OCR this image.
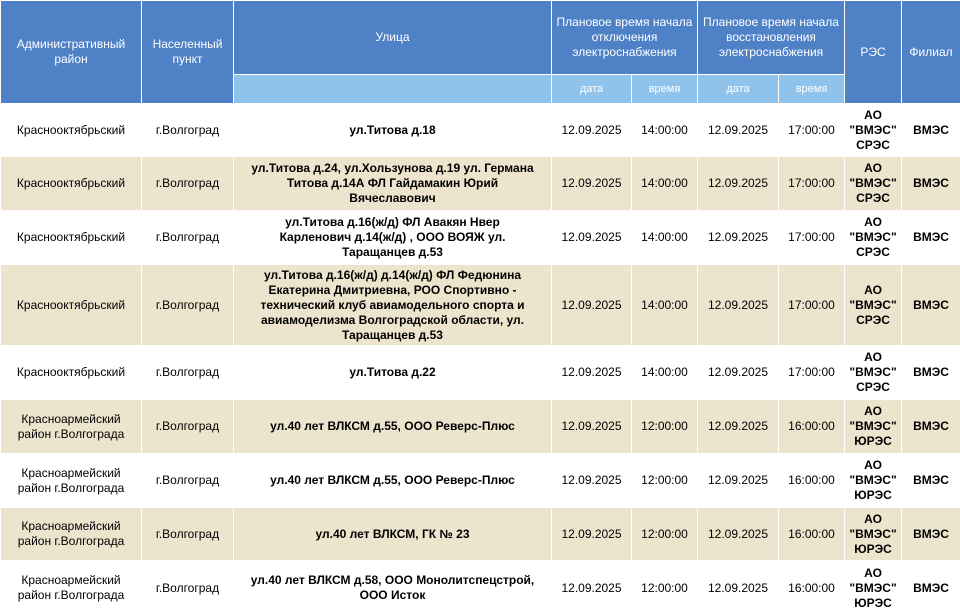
Административный район	Населенный пункт	Улица	Плановое время начала отключения электроснабжения		Плановое время начала восстановления электроснабжения		РЭС	Филиал
			дата	время	дата	время		
Краснооктябрьский	г.Волгоград	ул.Титова д.18	12.09.2025	14:00:00	12.09.2025	17:00:00	АО "ВМЭС" СРЭС	ВМЭС
Краснооктябрьский	г.Волгоград	ул.Титова д.24, ул.Хользунова д.19 ул. Германа Титова д.14А ФЛ Гайдамакин Юрий Вячеславович	12.09.2025	14:00:00	12.09.2025	17:00:00	АО "ВМЭС" СРЭС	ВМЭС
Краснооктябрьский	г.Волгоград	ул.Титова д.16(ж/д) ФЛ Авакян Нвер Карленович д.14(ж/д) , ООО ВОЯЖ ул. Таращанцев д.53	12.09.2025	14:00:00	12.09.2025	17:00:00	АО "ВМЭС" СРЭС	ВМЭС
Краснооктябрьский	г.Волгоград	ул.Титова д.16(ж/д) д.14(ж/д) ФЛ Федюнина Екатерина Дмитриевна, РОО Спортивно - технический клуб авиамодельного спорта и авиамоделизма Волгоградской области, ул. Таращанцев д.53	12.09.2025	14:00:00	12.09.2025	17:00:00	АО "ВМЭС" СРЭС	ВМЭС
Краснооктябрьский	г.Волгоград	ул.Титова д.22	12.09.2025	14:00:00	12.09.2025	17:00:00	АО "ВМЭС" СРЭС	ВМЭС
Красноармейский район г.Волгограда	г.Волгоград	ул.40 лет ВЛКСМ д.55, ООО Реверс-Плюс	12.09.2025	12:00:00	12.09.2025	16:00:00	АО "ВМЭС" ЮРЭС	ВМЭС
Красноармейский район г.Волгограда	г.Волгоград	ул.40 лет ВЛКСМ д.55, ООО Реверс-Плюс	12.09.2025	12:00:00	12.09.2025	16:00:00	АО "ВМЭС" ЮРЭС	ВМЭС
Красноармейский район г.Волгограда	г.Волгоград	ул.40 лет ВЛКСМ, ГК № 23	12.09.2025	12:00:00	12.09.2025	16:00:00	АО "ВМЭС" ЮРЭС	ВМЭС
Красноармейский район г.Волгограда	г.Волгоград	ул.40 лет ВЛКСМ д.58, ООО Монолитспецстрой, ООО Исток	12.09.2025	12:00:00	12.09.2025	16:00:00	АО "ВМЭС" ЮРЭС	ВМЭС
